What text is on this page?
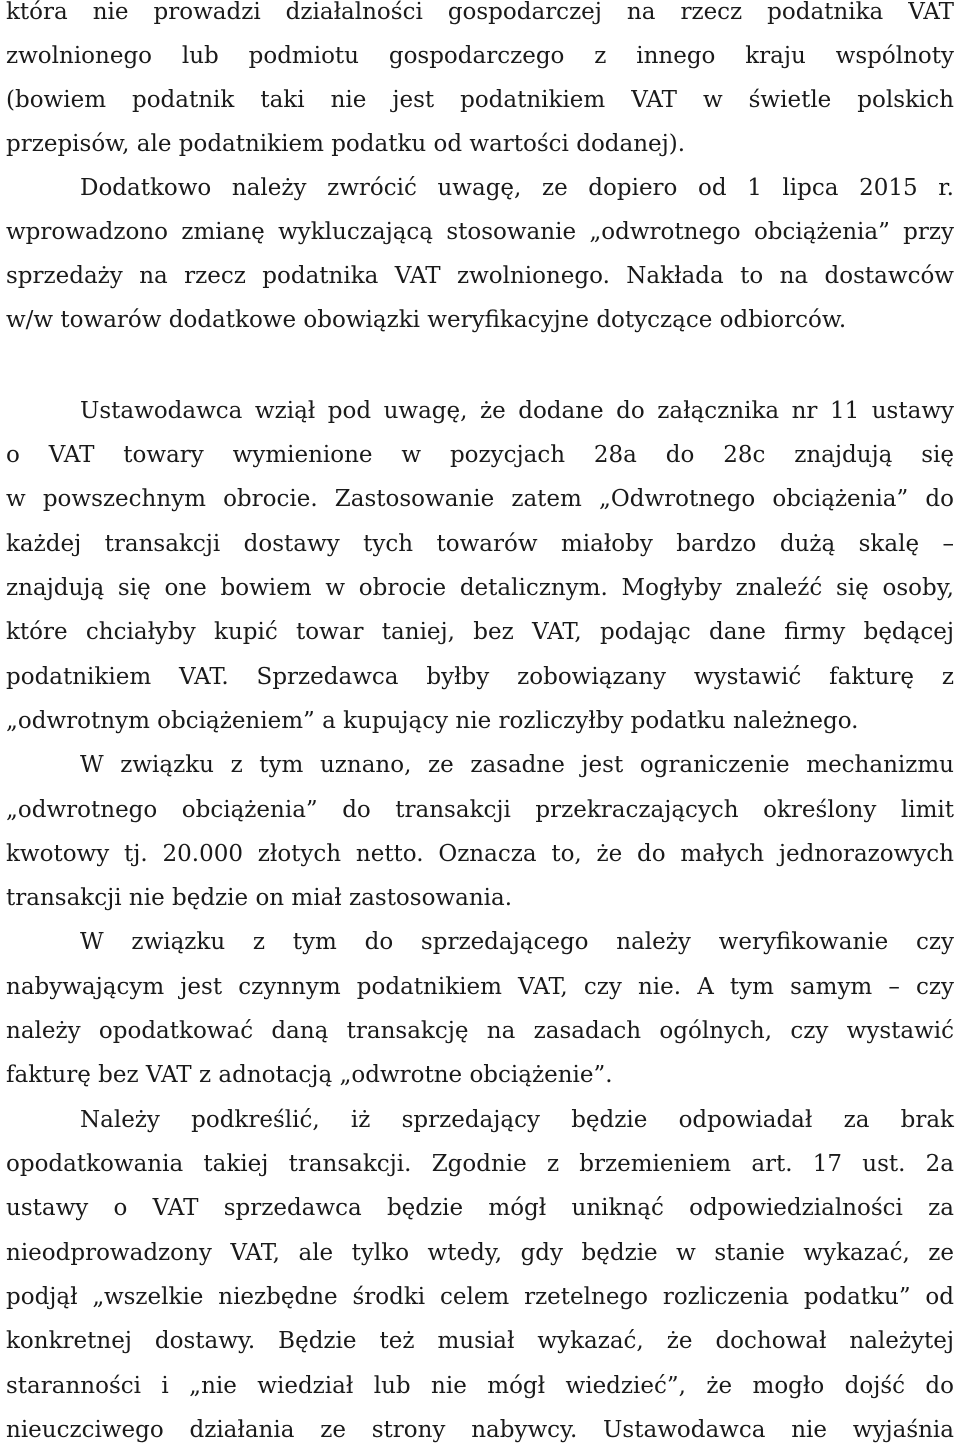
która nie prowadzi działalności gospodarczej na rzecz podatnika VAT
zwolnionego lub podmiotu gospodarczego z innego kraju wspólnoty
(bowiem podatnik taki nie jest podatnikiem VAT w świetle polskich
przepisów, ale podatnikiem podatku od wartości dodanej).
Dodatkowo należy zwrócić uwagę, ze dopiero od 1 lipca 2015 r.
wprowadzono zmianę wykluczającą stosowanie „odwrotnego obciążenia” przy
sprzedaży na rzecz podatnika VAT zwolnionego. Nakłada to na dostawców
w/w towarów dodatkowe obowiązki weryfikacyjne dotyczące odbiorców.
Ustawodawca wziął pod uwagę, że dodane do załącznika nr 11 ustawy
o VAT towary wymienione w pozycjach 28a do 28c znajdują się
w powszechnym obrocie. Zastosowanie zatem „Odwrotnego obciążenia” do
każdej transakcji dostawy tych towarów miałoby bardzo dużą skalę –
znajdują się one bowiem w obrocie detalicznym. Mogłyby znaleźć się osoby,
które chciałyby kupić towar taniej, bez VAT, podając dane firmy będącej
podatnikiem VAT. Sprzedawca byłby zobowiązany wystawić fakturę z
„odwrotnym obciążeniem” a kupujący nie rozliczyłby podatku należnego.
W związku z tym uznano, ze zasadne jest ograniczenie mechanizmu
„odwrotnego obciążenia” do transakcji przekraczających określony limit
kwotowy tj. 20.000 złotych netto. Oznacza to, że do małych jednorazowych
transakcji nie będzie on miał zastosowania.
W związku z tym do sprzedającego należy weryfikowanie czy
nabywającym jest czynnym podatnikiem VAT, czy nie. A tym samym – czy
należy opodatkować daną transakcję na zasadach ogólnych, czy wystawić
fakturę bez VAT z adnotacją „odwrotne obciążenie”.
Należy podkreślić, iż sprzedający będzie odpowiadał za brak
opodatkowania takiej transakcji. Zgodnie z brzemieniem art. 17 ust. 2a
ustawy o VAT sprzedawca będzie mógł uniknąć odpowiedzialności za
nieodprowadzony VAT, ale tylko wtedy, gdy będzie w stanie wykazać, ze
podjął „wszelkie niezbędne środki celem rzetelnego rozliczenia podatku” od
konkretnej dostawy. Będzie też musiał wykazać, że dochował należytej
staranności i „nie wiedział lub nie mógł wiedzieć”, że mogło dojść do
nieuczciwego działania ze strony nabywcy. Ustawodawca nie wyjaśnia
